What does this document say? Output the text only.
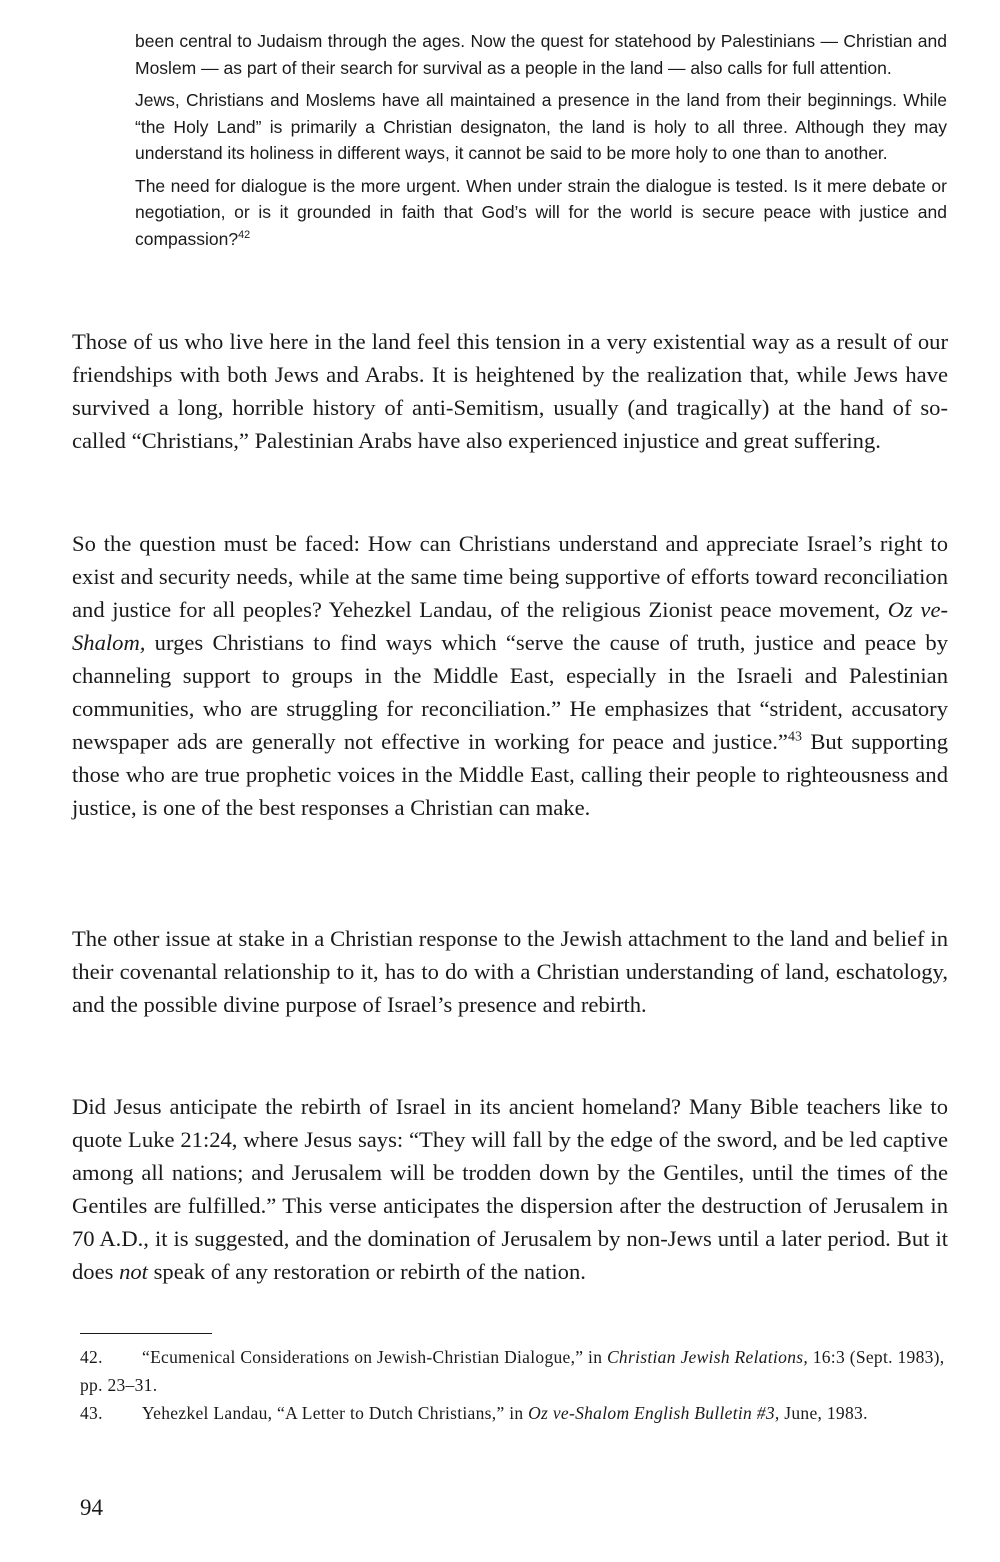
been central to Judaism through the ages. Now the quest for statehood by Palestinians — Christian and Moslem — as part of their search for survival as a people in the land — also calls for full attention.

Jews, Christians and Moslems have all maintained a presence in the land from their beginnings. While “the Holy Land” is primarily a Christian designaton, the land is holy to all three. Although they may understand its holiness in different ways, it cannot be said to be more holy to one than to another.

The need for dialogue is the more urgent. When under strain the dialogue is tested. Is it mere debate or negotiation, or is it grounded in faith that God’s will for the world is secure peace with justice and compassion?$^{42}$

Those of us who live here in the land feel this tension in a very existential way as a result of our friendships with both Jews and Arabs. It is heightened by the realization that, while Jews have survived a long, horrible history of anti-Semitism, usually (and tragically) at the hand of so-called “Christians,” Palestinian Arabs have also experienced injustice and great suffering.

So the question must be faced: How can Christians understand and appreciate Israel’s right to exist and security needs, while at the same time being supportive of efforts toward reconciliation and justice for all peoples? Yehezkel Landau, of the religious Zionist peace movement, Oz ve-Shalom, urges Christians to find ways which “serve the cause of truth, justice and peace by channeling support to groups in the Middle East, especially in the Israeli and Palestinian communities, who are struggling for reconciliation.” He emphasizes that “strident, accusatory newspaper ads are generally not effective in working for peace and justice.”$^{43}$ But supporting those who are true prophetic voices in the Middle East, calling their people to righteousness and justice, is one of the best responses a Christian can make.

The other issue at stake in a Christian response to the Jewish attachment to the land and belief in their covenantal relationship to it, has to do with a Christian understanding of land, eschatology, and the possible divine purpose of Israel’s presence and rebirth.

Did Jesus anticipate the rebirth of Israel in its ancient homeland? Many Bible teachers like to quote Luke 21:24, where Jesus says: “They will fall by the edge of the sword, and be led captive among all nations; and Jerusalem will be trodden down by the Gentiles, until the times of the Gentiles are fulfilled.” This verse anticipates the dispersion after the destruction of Jerusalem in 70 A.D., it is suggested, and the domination of Jerusalem by non-Jews until a later period. But it does not speak of any restoration or rebirth of the nation.

42. “Ecumenical Considerations on Jewish-Christian Dialogue,” in Christian Jewish Relations, 16:3 (Sept. 1983), pp. 23–31.

43. Yehezkel Landau, “A Letter to Dutch Christians,” in Oz ve-Shalom English Bulletin #3, June, 1983.

94
